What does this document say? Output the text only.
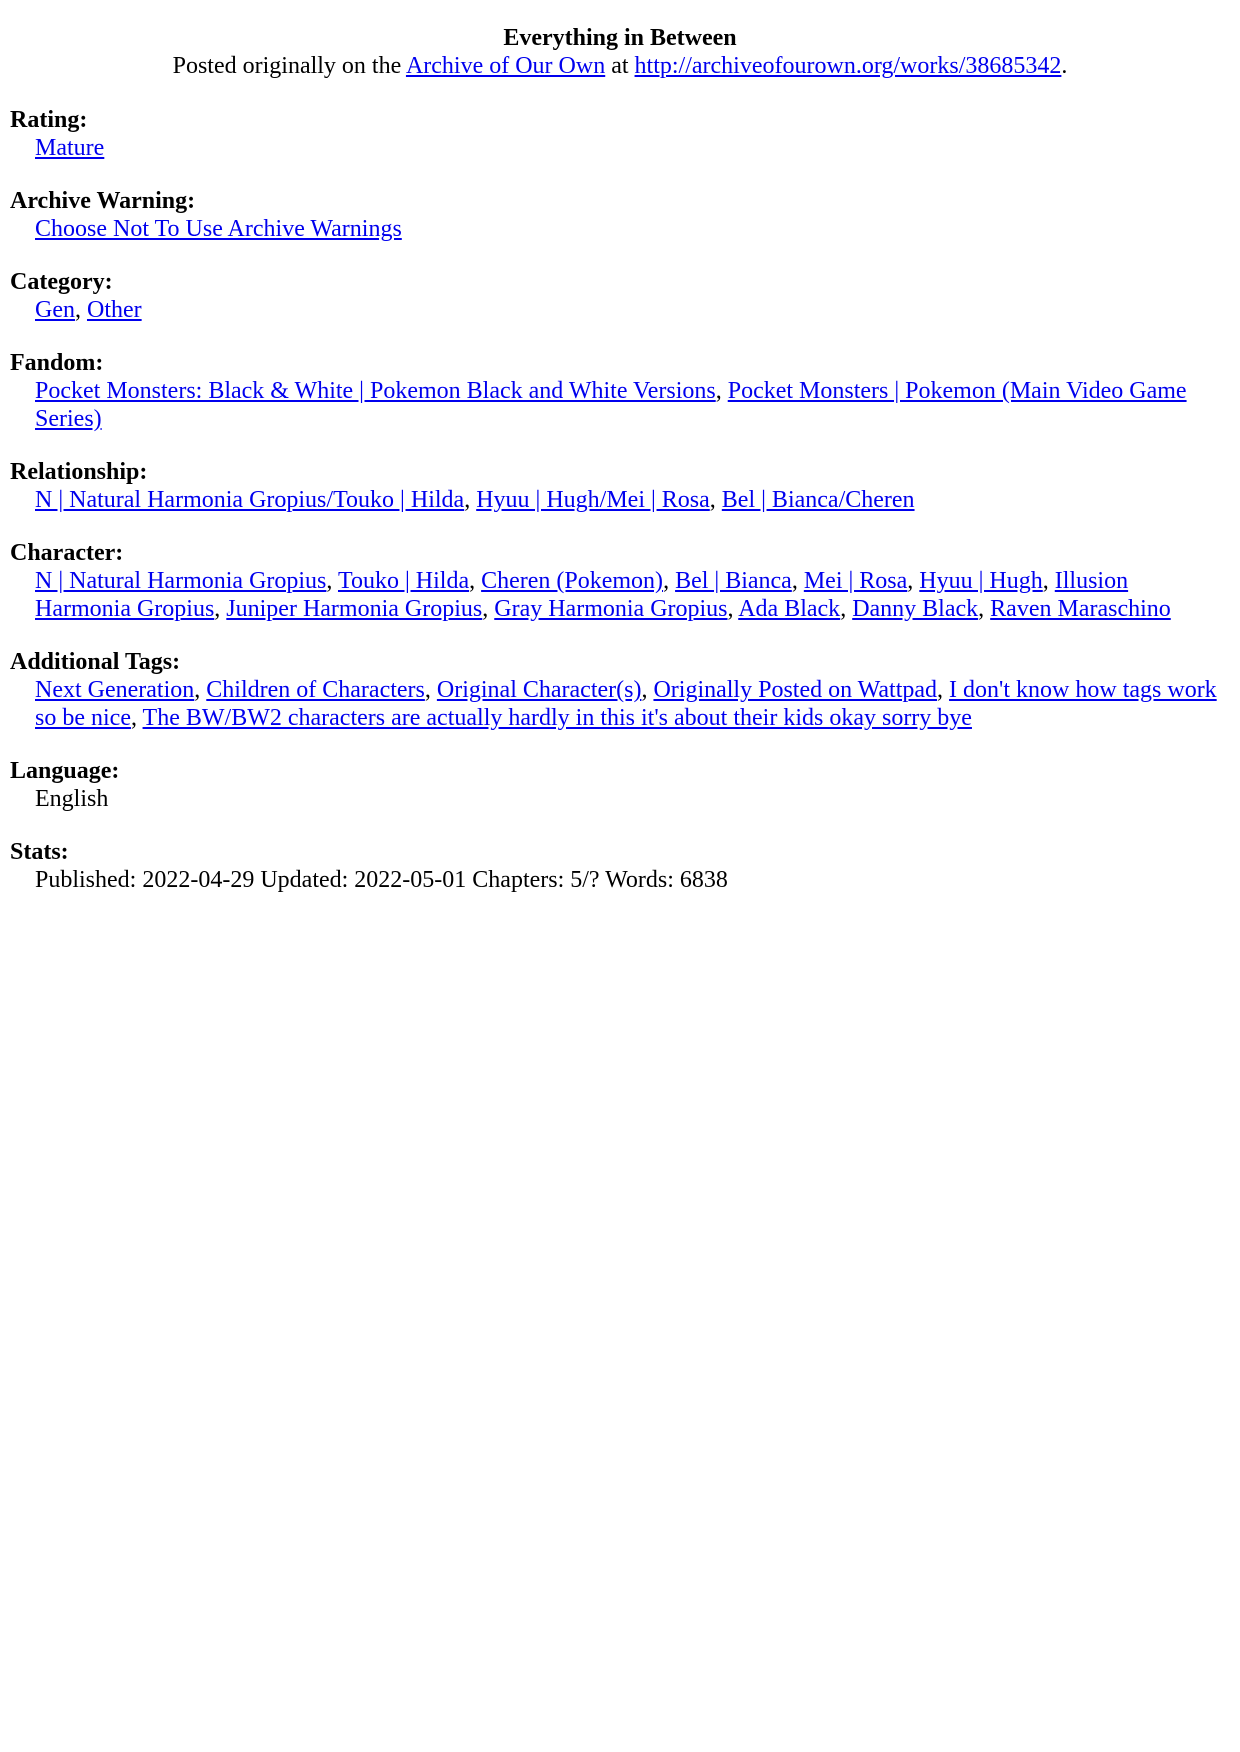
Everything in Between
Posted originally on the Archive of Our Own at http://archiveofourown.org/works/38685342.
Rating:
Mature
Archive Warning:
Choose Not To Use Archive Warnings
Category:
Gen, Other
Fandom:
Pocket Monsters: Black & White | Pokemon Black and White Versions, Pocket Monsters | Pokemon (Main Video Game Series)
Relationship:
N | Natural Harmonia Gropius/Touko | Hilda, Hyuu | Hugh/Mei | Rosa, Bel | Bianca/Cheren
Character:
N | Natural Harmonia Gropius, Touko | Hilda, Cheren (Pokemon), Bel | Bianca, Mei | Rosa, Hyuu | Hugh, Illusion Harmonia Gropius, Juniper Harmonia Gropius, Gray Harmonia Gropius, Ada Black, Danny Black, Raven Maraschino
Additional Tags:
Next Generation, Children of Characters, Original Character(s), Originally Posted on Wattpad, I don't know how tags work so be nice, The BW/BW2 characters are actually hardly in this it's about their kids okay sorry bye
Language:
English
Stats:
Published: 2022-04-29 Updated: 2022-05-01 Chapters: 5/? Words: 6838
